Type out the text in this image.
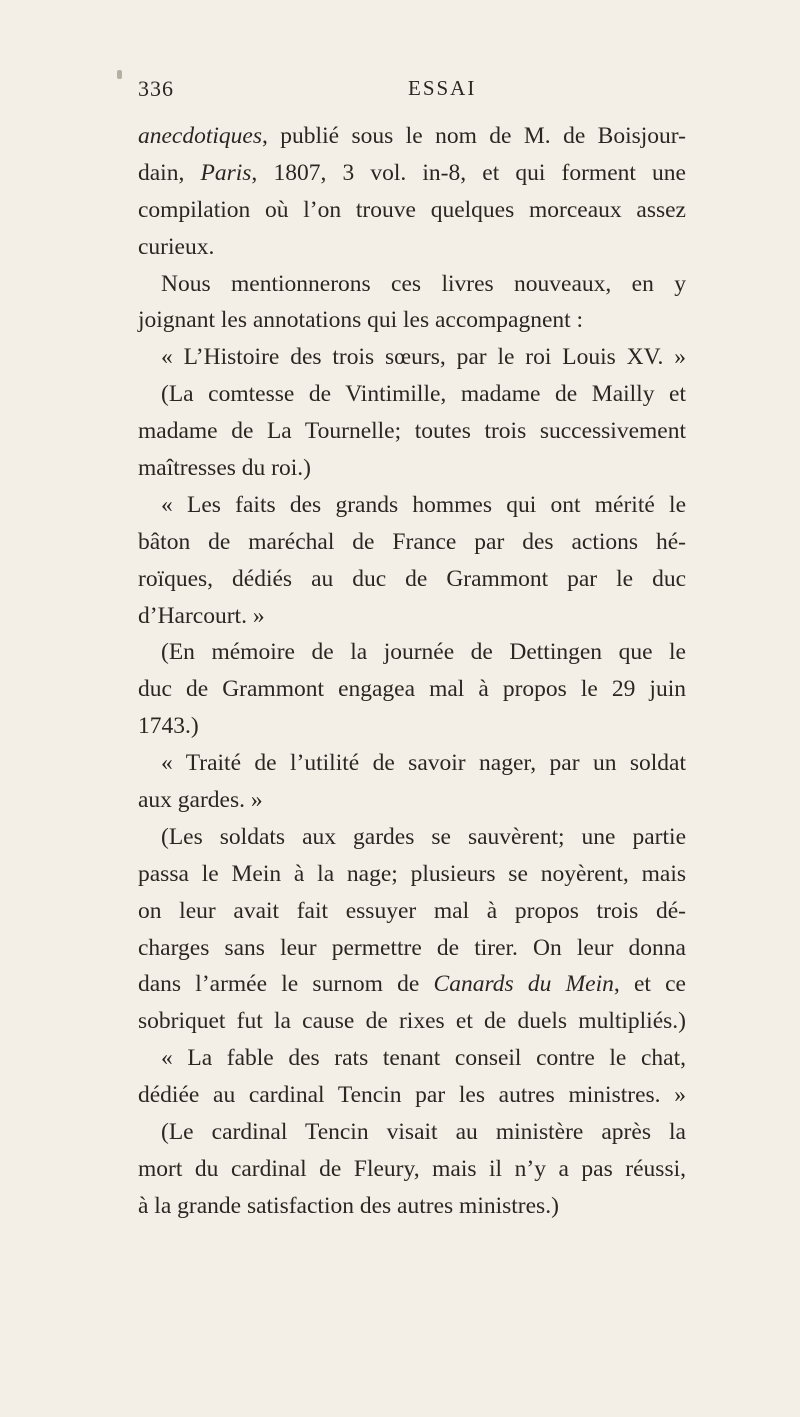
336	ESSAI
anecdotiques, publié sous le nom de M. de Boisjour-
dain, Paris, 1807, 3 vol. in-8, et qui forment une
compilation où l’on trouve quelques morceaux assez
curieux.
Nous mentionnerons ces livres nouveaux, en y
joignant les annotations qui les accompagnent :
« L’Histoire des trois sœurs, par le roi Louis XV. »
(La comtesse de Vintimille, madame de Mailly et
madame de La Tournelle; toutes trois successivement
maîtresses du roi.)
« Les faits des grands hommes qui ont mérité le
bâton de maréchal de France par des actions hé-
roïques, dédiés au duc de Grammont par le duc
d’Harcourt. »
(En mémoire de la journée de Dettingen que le
duc de Grammont engagea mal à propos le 29 juin
1743.)
« Traité de l’utilité de savoir nager, par un soldat
aux gardes. »
(Les soldats aux gardes se sauvèrent; une partie
passa le Mein à la nage; plusieurs se noyèrent, mais
on leur avait fait essuyer mal à propos trois dé-
charges sans leur permettre de tirer. On leur donna
dans l’armée le surnom de Canards du Mein, et ce
sobriquet fut la cause de rixes et de duels multipliés.)
« La fable des rats tenant conseil contre le chat,
dédiée au cardinal Tencin par les autres ministres. »
(Le cardinal Tencin visait au ministère après la
mort du cardinal de Fleury, mais il n’y a pas réussi,
à la grande satisfaction des autres ministres.)
